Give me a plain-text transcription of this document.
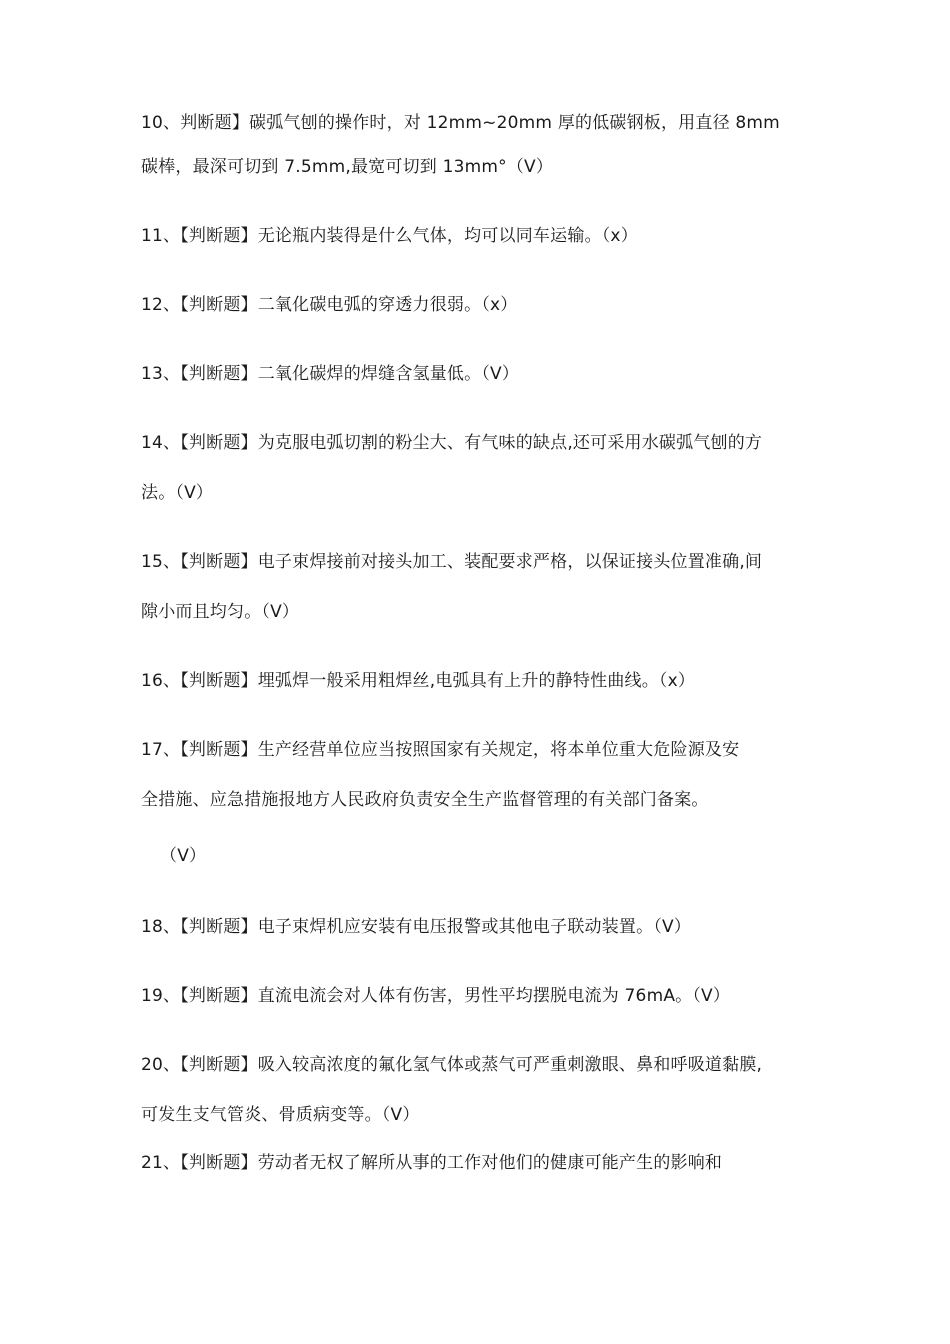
10、判断题】碳弧气刨的操作时，对 12mm~20mm 厚的低碳钢板，用直径 8mm
碳棒，最深可切到 7.5mm,最宽可切到 13mm°（V）
11、【判断题】无论瓶内装得是什么气体，均可以同车运输。（x）
12、【判断题】二氧化碳电弧的穿透力很弱。（x）
13、【判断题】二氧化碳焊的焊缝含氢量低。（V）
14、【判断题】为克服电弧切割的粉尘大、有气味的缺点,还可采用水碳弧气刨的方
法。（V）
15、【判断题】电子束焊接前对接头加工、装配要求严格，以保证接头位置准确,间
隙小而且均匀。（V）
16、【判断题】埋弧焊一般采用粗焊丝,电弧具有上升的静特性曲线。（x）
17、【判断题】生产经营单位应当按照国家有关规定，将本单位重大危险源及安
全措施、应急措施报地方人民政府负责安全生产监督管理的有关部门备案。
（V）
18、【判断题】电子束焊机应安装有电压报警或其他电子联动装置。（V）
19、【判断题】直流电流会对人体有伤害，男性平均摆脱电流为 76mA。（V）
20、【判断题】吸入较高浓度的氟化氢气体或蒸气可严重刺激眼、鼻和呼吸道黏膜,
可发生支气管炎、骨质病变等。（V）
21、【判断题】劳动者无权了解所从事的工作对他们的健康可能产生的影响和
